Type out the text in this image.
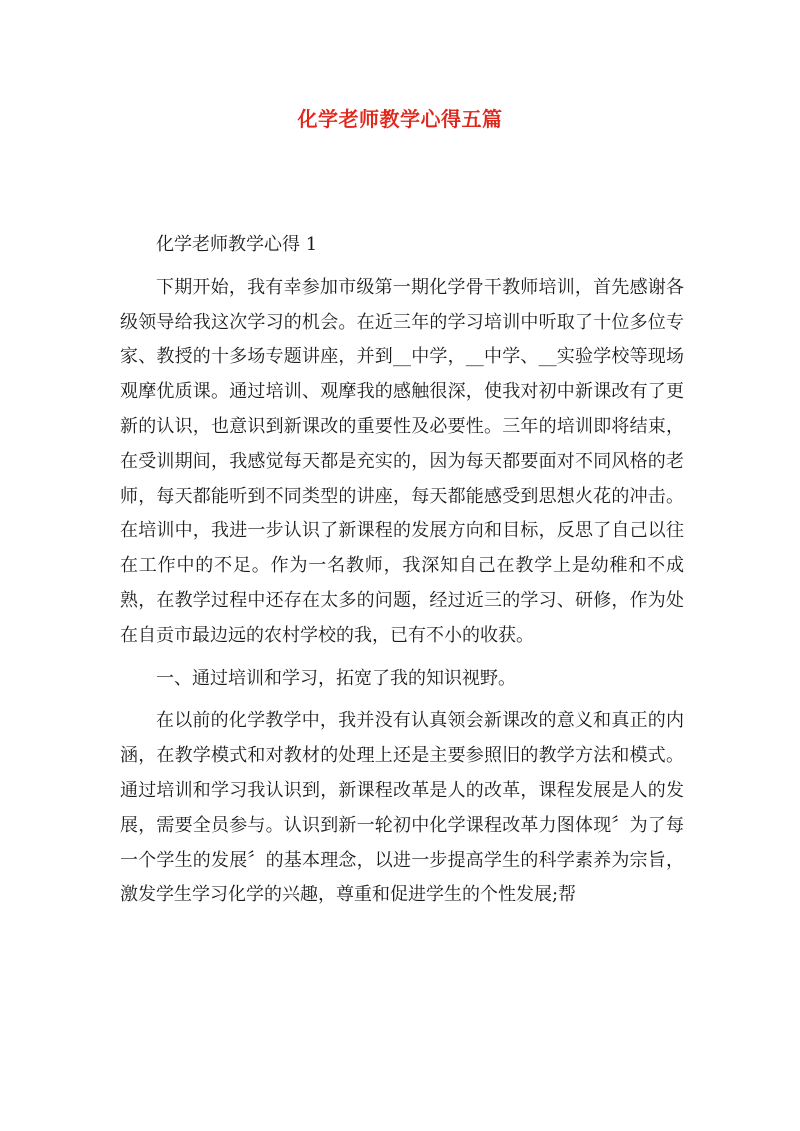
化学老师教学心得五篇

化学老师教学心得 1

下期开始，我有幸参加市级第一期化学骨干教师培训，首先感谢各级领导给我这次学习的机会。在近三年的学习培训中听取了十位多位专家、教授的十多场专题讲座，并到__中学，__中学、__实验学校等现场观摩优质课。通过培训、观摩我的感触很深，使我对初中新课改有了更新的认识，也意识到新课改的重要性及必要性。三年的培训即将结束，在受训期间，我感觉每天都是充实的，因为每天都要面对不同风格的老师，每天都能听到不同类型的讲座，每天都能感受到思想火花的冲击。在培训中，我进一步认识了新课程的发展方向和目标，反思了自己以往在工作中的不足。作为一名教师，我深知自己在教学上是幼稚和不成熟，在教学过程中还存在太多的问题，经过近三的学习、研修，作为处在自贡市最边远的农村学校的我，已有不小的收获。

一、通过培训和学习，拓宽了我的知识视野。

在以前的化学教学中，我并没有认真领会新课改的意义和真正的内涵，在教学模式和对教材的处理上还是主要参照旧的教学方法和模式。通过培训和学习我认识到，新课程改革是人的改革，课程发展是人的发展，需要全员参与。认识到新一轮初中化学课程改革力图体现〞为了每一个学生的发展〞的基本理念，以进一步提高学生的科学素养为宗旨，激发学生学习化学的兴趣，尊重和促进学生的个性发展;帮
